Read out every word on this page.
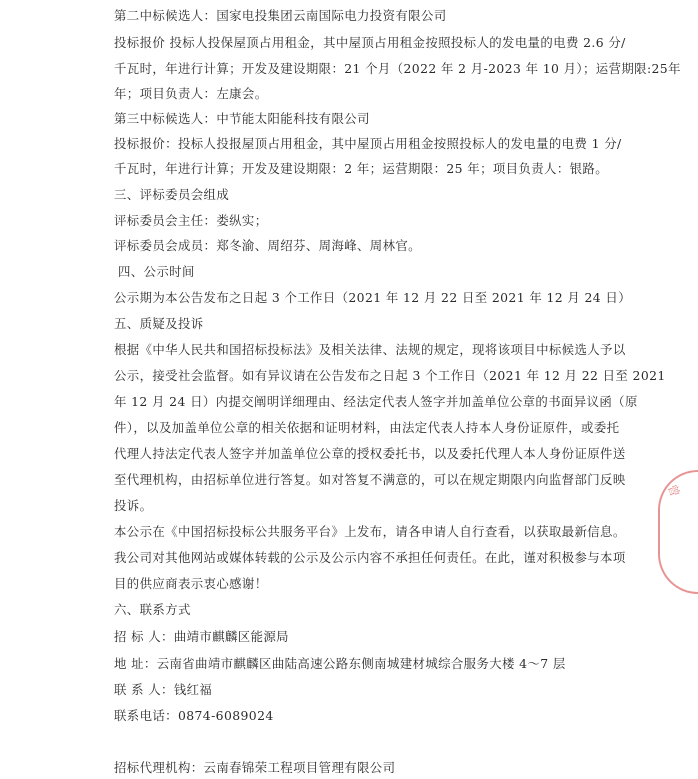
第二中标候选人：国家电投集团云南国际电力投资有限公司
投标报价 投标人投保屋顶占用租金，其中屋顶占用租金按照投标人的发电量的电费 2.6 分/
千瓦时，年进行计算；开发及建设期限：21 个月（2022 年 2 月-2023 年 10 月）；运营期限:25年
年；项目负责人：左康会。
第三中标候选人：中节能太阳能科技有限公司
投标报价：投标人投报屋顶占用租金，其中屋顶占用租金按照投标人的发电量的电费 1 分/
千瓦时，年进行计算；开发及建设期限：2 年；运营期限：25 年；项目负责人：银路。
三、评标委员会组成
评标委员会主任：娄纵实；
评标委员会成员：郑冬渝、周绍芬、周海峰、周林官。
四、公示时间
公示期为本公告发布之日起 3 个工作日（2021 年 12 月 22 日至 2021 年 12 月 24 日）
五、质疑及投诉
根据《中华人民共和国招标投标法》及相关法律、法规的规定，现将该项目中标候选人予以
公示，接受社会监督。如有异议请在公告发布之日起 3 个工作日（2021 年 12 月 22 日至 2021
年 12 月 24 日）内提交阐明详细理由、经法定代表人签字并加盖单位公章的书面异议函（原
件），以及加盖单位公章的相关依据和证明材料，由法定代表人持本人身份证原件，或委托
代理人持法定代表人签字并加盖单位公章的授权委托书，以及委托代理人本人身份证原件送
至代理机构，由招标单位进行答复。如对答复不满意的，可以在规定期限内向监督部门反映
投诉。
本公示在《中国招标投标公共服务平台》上发布，请各申请人自行查看，以获取最新信息。
我公司对其他网站或媒体转载的公示及公示内容不承担任何责任。在此，谨对积极参与本项
目的供应商表示衷心感谢！
六、联系方式
招 标 人：曲靖市麒麟区能源局
地 址：云南省曲靖市麒麟区曲陆高速公路东侧南城建材城综合服务大楼 4～7 层
联 系 人：钱红福
联系电话：0874-6089024
招标代理机构：云南春锦荣工程项目管理有限公司
曾
